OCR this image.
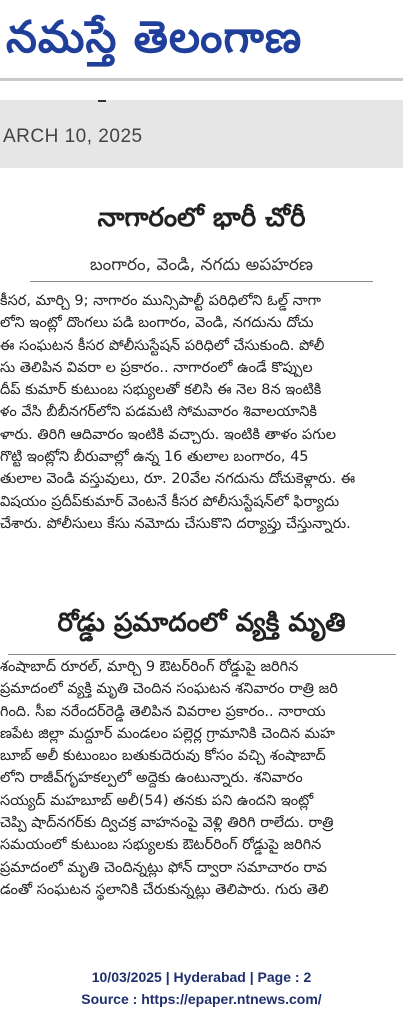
నమస్తే తెలంగాణ
ARCH 10, 2025
నాగారంలో భారీ చోరీ
బంగారం, వెండి, నగదు అపహరణ
కీసర, మార్చి 9; నాగారం మున్సిపాల్టీ పరిధిలోని ఓల్డ్ నాగా
లోని ఇంట్లో దొంగలు పడి బంగారం, వెండి, నగదును దోచు
ఈ సంఘటన కీసర పోలీసుస్టేషన్ పరిధిలో చేసుకుంది. పోలీ
సు తెలిపిన వివరా ల ప్రకారం.. నాగారంలో ఉండే కొప్పుల
దీప్ కుమార్ కుటుంబ సభ్యులతో కలిసి ఈ నెల 8న ఇంటికి
ళం వేసి బీబీనగర్‌లోని పడమటి సోమవారం శివాలయానికి
ళారు. తిరిగి ఆదివారం ఇంటికి వచ్చారు. ఇంటికి తాళం పగుల
గొట్టి ఇంట్లోని బీరువాల్లో ఉన్న 16 తులాల బంగారం, 45
తులాల వెండి వస్తువులు, రూ. 20వేల నగదును దోచుకెళ్లారు. ఈ
విషయం ప్రదీప్‌కుమార్ వెంటనే కీసర పోలీసుస్టేషన్‌లో ఫిర్యాదు
చేశారు. పోలీసులు కేసు నమోదు చేసుకొని దర్యాప్తు చేస్తున్నారు.
రోడ్డు ప్రమాదంలో వ్యక్తి మృతి
శంషాబాద్ రూరల్, మార్చి 9 ఔటర్‌రింగ్ రోడ్డుపై జరిగిన
ప్రమాదంలో వ్యక్తి మృతి చెందిన సంఘటన శనివారం రాత్రి జరి
గింది. సీఐ నరేందర్‌రెడ్డి తెలిపిన వివరాల ప్రకారం.. నారాయ
ణపేట జిల్లా మద్దూర్ మండలం పల్లెర్ల గ్రామానికి చెందిన మహ
బూబ్ అలీ కుటుంబం బతుకుదెరువు కోసం వచ్చి శంషాబాద్
లోని రాజీవ్‌గృహకల్పలో అద్దెకు ఉంటున్నారు. శనివారం
సయ్యద్ మహబూబ్ అలీ(54) తనకు పని ఉందని ఇంట్లో
చెప్పి షాద్‌నగర్‌కు ద్విచక్ర వాహనంపై వెళ్లి తిరిగి రాలేదు. రాత్రి
సమయంలో కుటుంబ సభ్యులకు ఔటర్‌రింగ్ రోడ్డుపై జరిగిన
ప్రమాదంలో మృతి చెందిన్నట్లు ఫోన్ ద్వారా సమాచారం రావ
డంతో సంఘటన స్థలానికి చేరుకున్నట్లు తెలిపారు. గురు తెలి
10/03/2025 | Hyderabad | Page : 2
Source : https://epaper.ntnews.com/
